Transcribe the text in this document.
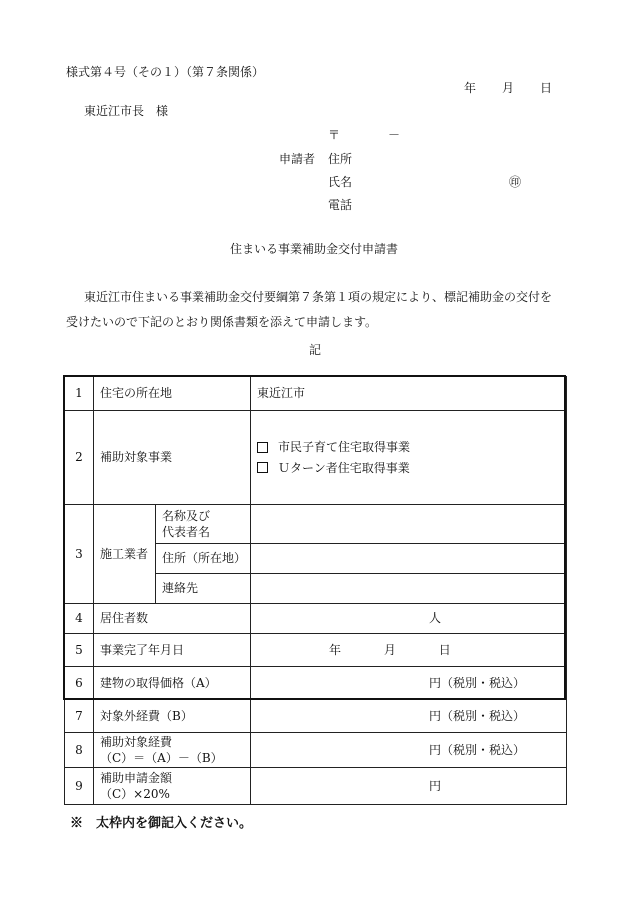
様式第４号（その１）（第７条関係）
年 月 日
東近江市長　様
〒	－
申請者 住所
氏名	㊞
電話
住まいる事業補助金交付申請書
東近江市住まいる事業補助金交付要綱第７条第１項の規定により、標記補助金の交付を
受けたいので下記のとおり関係書類を添えて申請します。
記
1	住宅の所在地		東近江市
2	補助対象事業		市民子育て住宅取得事業
Ｕターン者住宅取得事業

3	施工業者	名称及び
代表者名	

		住所（所在地）	
		連絡先	
4	居住者数		人
5	事業完了年月日		年 月 日
6	建物の取得価格（A）		円（税別・税込）
7	対象外経費（B）		円（税別・税込）
8	補助対象経費
（C）＝（A）－（B）		円（税別・税込）
9	補助申請金額
（C）×20%		円
※　太枠内を御記入ください。
